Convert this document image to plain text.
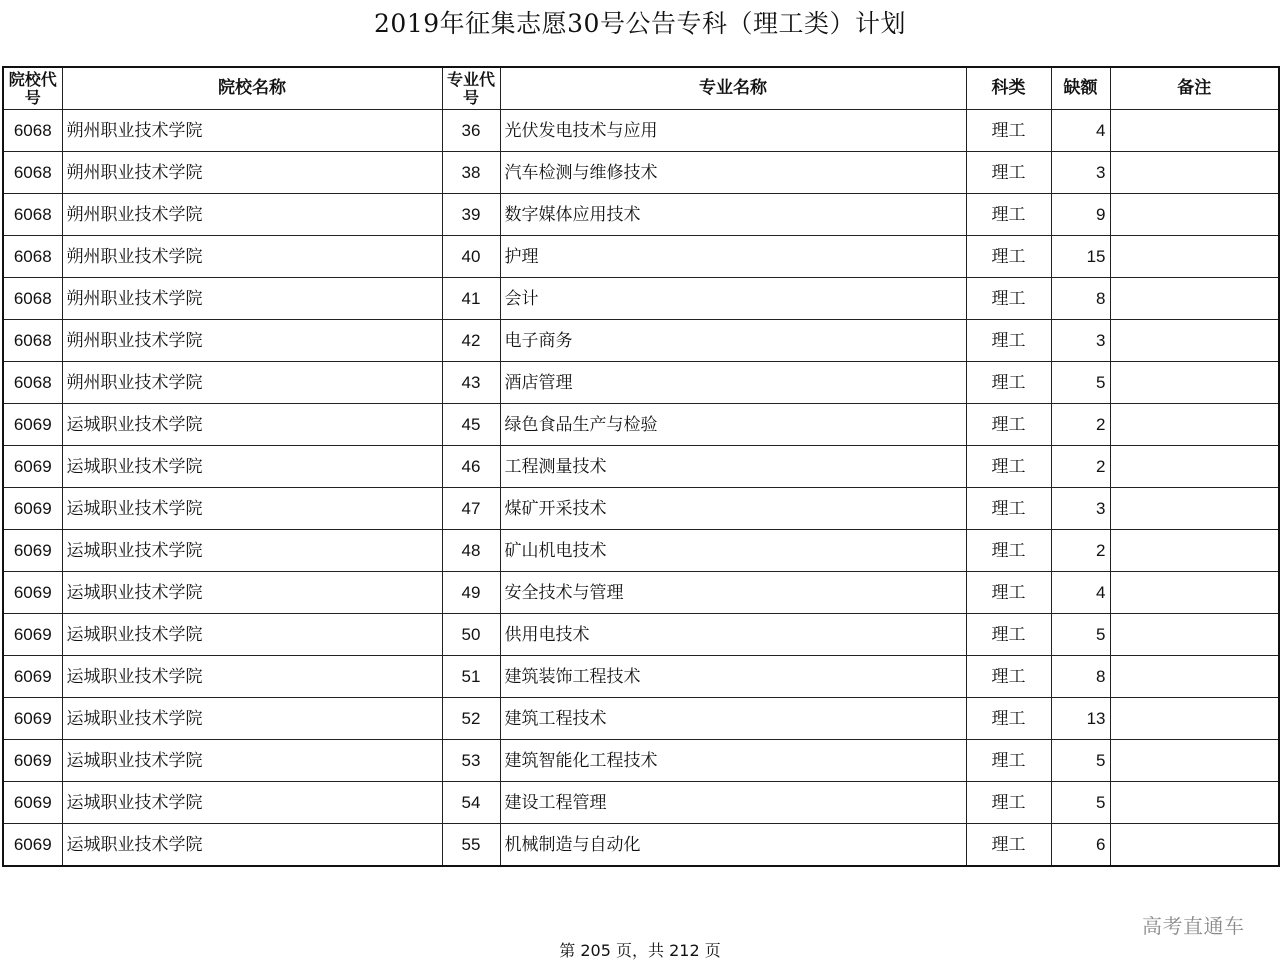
2019年征集志愿30号公告专科（理工类）计划
院校代号	院校名称	专业代号	专业名称	科类	缺额	备注
6068	朔州职业技术学院	36	光伏发电技术与应用	理工	4	
6068	朔州职业技术学院	38	汽车检测与维修技术	理工	3	
6068	朔州职业技术学院	39	数字媒体应用技术	理工	9	
6068	朔州职业技术学院	40	护理	理工	15	
6068	朔州职业技术学院	41	会计	理工	8	
6068	朔州职业技术学院	42	电子商务	理工	3	
6068	朔州职业技术学院	43	酒店管理	理工	5	
6069	运城职业技术学院	45	绿色食品生产与检验	理工	2	
6069	运城职业技术学院	46	工程测量技术	理工	2	
6069	运城职业技术学院	47	煤矿开采技术	理工	3	
6069	运城职业技术学院	48	矿山机电技术	理工	2	
6069	运城职业技术学院	49	安全技术与管理	理工	4	
6069	运城职业技术学院	50	供用电技术	理工	5	
6069	运城职业技术学院	51	建筑装饰工程技术	理工	8	
6069	运城职业技术学院	52	建筑工程技术	理工	13	
6069	运城职业技术学院	53	建筑智能化工程技术	理工	5	
6069	运城职业技术学院	54	建设工程管理	理工	5	
6069	运城职业技术学院	55	机械制造与自动化	理工	6	
高考直通车
第 205 页，共 212 页
